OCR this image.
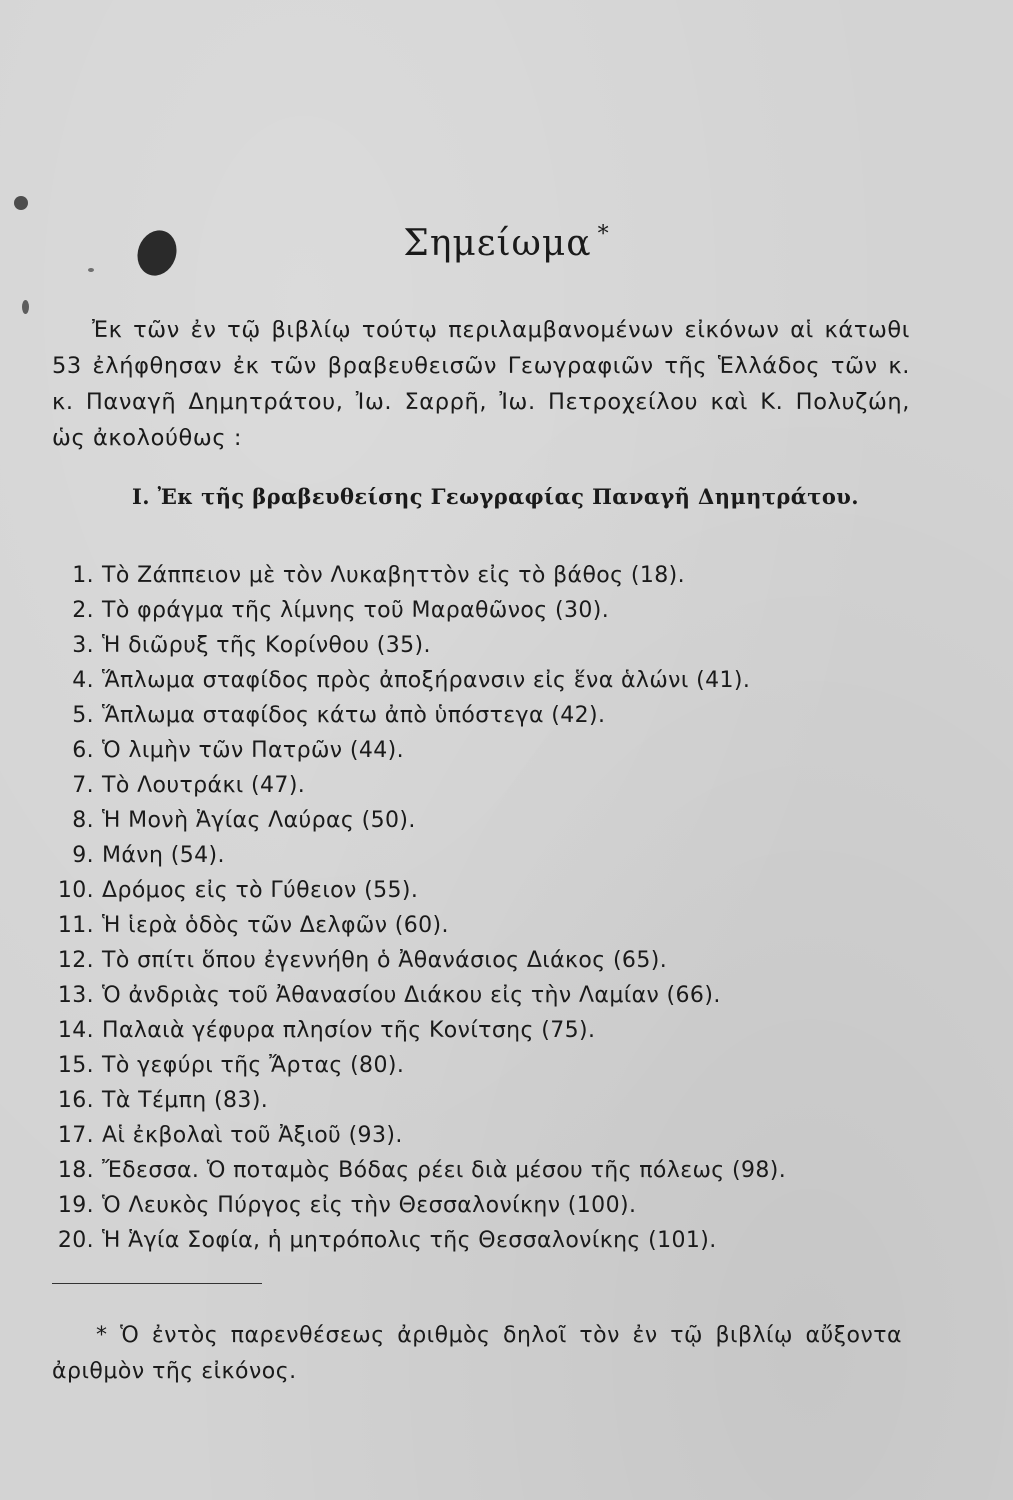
Σημείωμα *
Ἐκ τῶν ἐν τῷ βιβλίῳ τούτῳ περιλαμβανομένων εἰκόνων αἱ κάτωθι 53 ἐλήφθησαν ἐκ τῶν βραβευθεισῶν Γεωγραφιῶν τῆς Ἑλλάδος τῶν κ. κ. Παναγῆ Δημητράτου, Ἰω. Σαρρῆ, Ἰω. Πετροχείλου καὶ Κ. Πολυζώη, ὡς ἀκολούθως :
Ι. Ἐκ τῆς βραβευθείσης Γεωγραφίας Παναγῆ Δημητράτου.
1. Τὸ Ζάππειον μὲ τὸν Λυκαβηττὸν εἰς τὸ βάθος (18).
2. Τὸ φράγμα τῆς λίμνης τοῦ Μαραθῶνος (30).
3. Ἡ διῶρυξ τῆς Κορίνθου (35).
4. Ἅπλωμα σταφίδος πρὸς ἀποξήρανσιν εἰς ἕνα ἁλώνι (41).
5. Ἅπλωμα σταφίδος κάτω ἀπὸ ὑπόστεγα (42).
6. Ὁ λιμὴν τῶν Πατρῶν (44).
7. Τὸ Λουτράκι (47).
8. Ἡ Μονὴ Ἁγίας Λαύρας (50).
9. Μάνη (54).
10. Δρόμος εἰς τὸ Γύθειον (55).
11. Ἡ ἱερὰ ὁδὸς τῶν Δελφῶν (60).
12. Τὸ σπίτι ὅπου ἐγεννήθη ὁ Ἀθανάσιος Διάκος (65).
13. Ὁ ἀνδριὰς τοῦ Ἀθανασίου Διάκου εἰς τὴν Λαμίαν (66).
14. Παλαιὰ γέφυρα πλησίον τῆς Κονίτσης (75).
15. Τὸ γεφύρι τῆς Ἄρτας (80).
16. Τὰ Τέμπη (83).
17. Αἱ ἐκβολαὶ τοῦ Ἀξιοῦ (93).
18. Ἔδεσσα. Ὁ ποταμὸς Βόδας ρέει διὰ μέσου τῆς πόλεως (98).
19. Ὁ Λευκὸς Πύργος εἰς τὴν Θεσσαλονίκην (100).
20. Ἡ Ἁγία Σοφία, ἡ μητρόπολις τῆς Θεσσαλονίκης (101).
* Ὁ ἐντὸς παρενθέσεως ἀριθμὸς δηλοῖ τὸν ἐν τῷ βιβλίῳ αὔξοντα ἀριθμὸν τῆς εἰκόνος.
